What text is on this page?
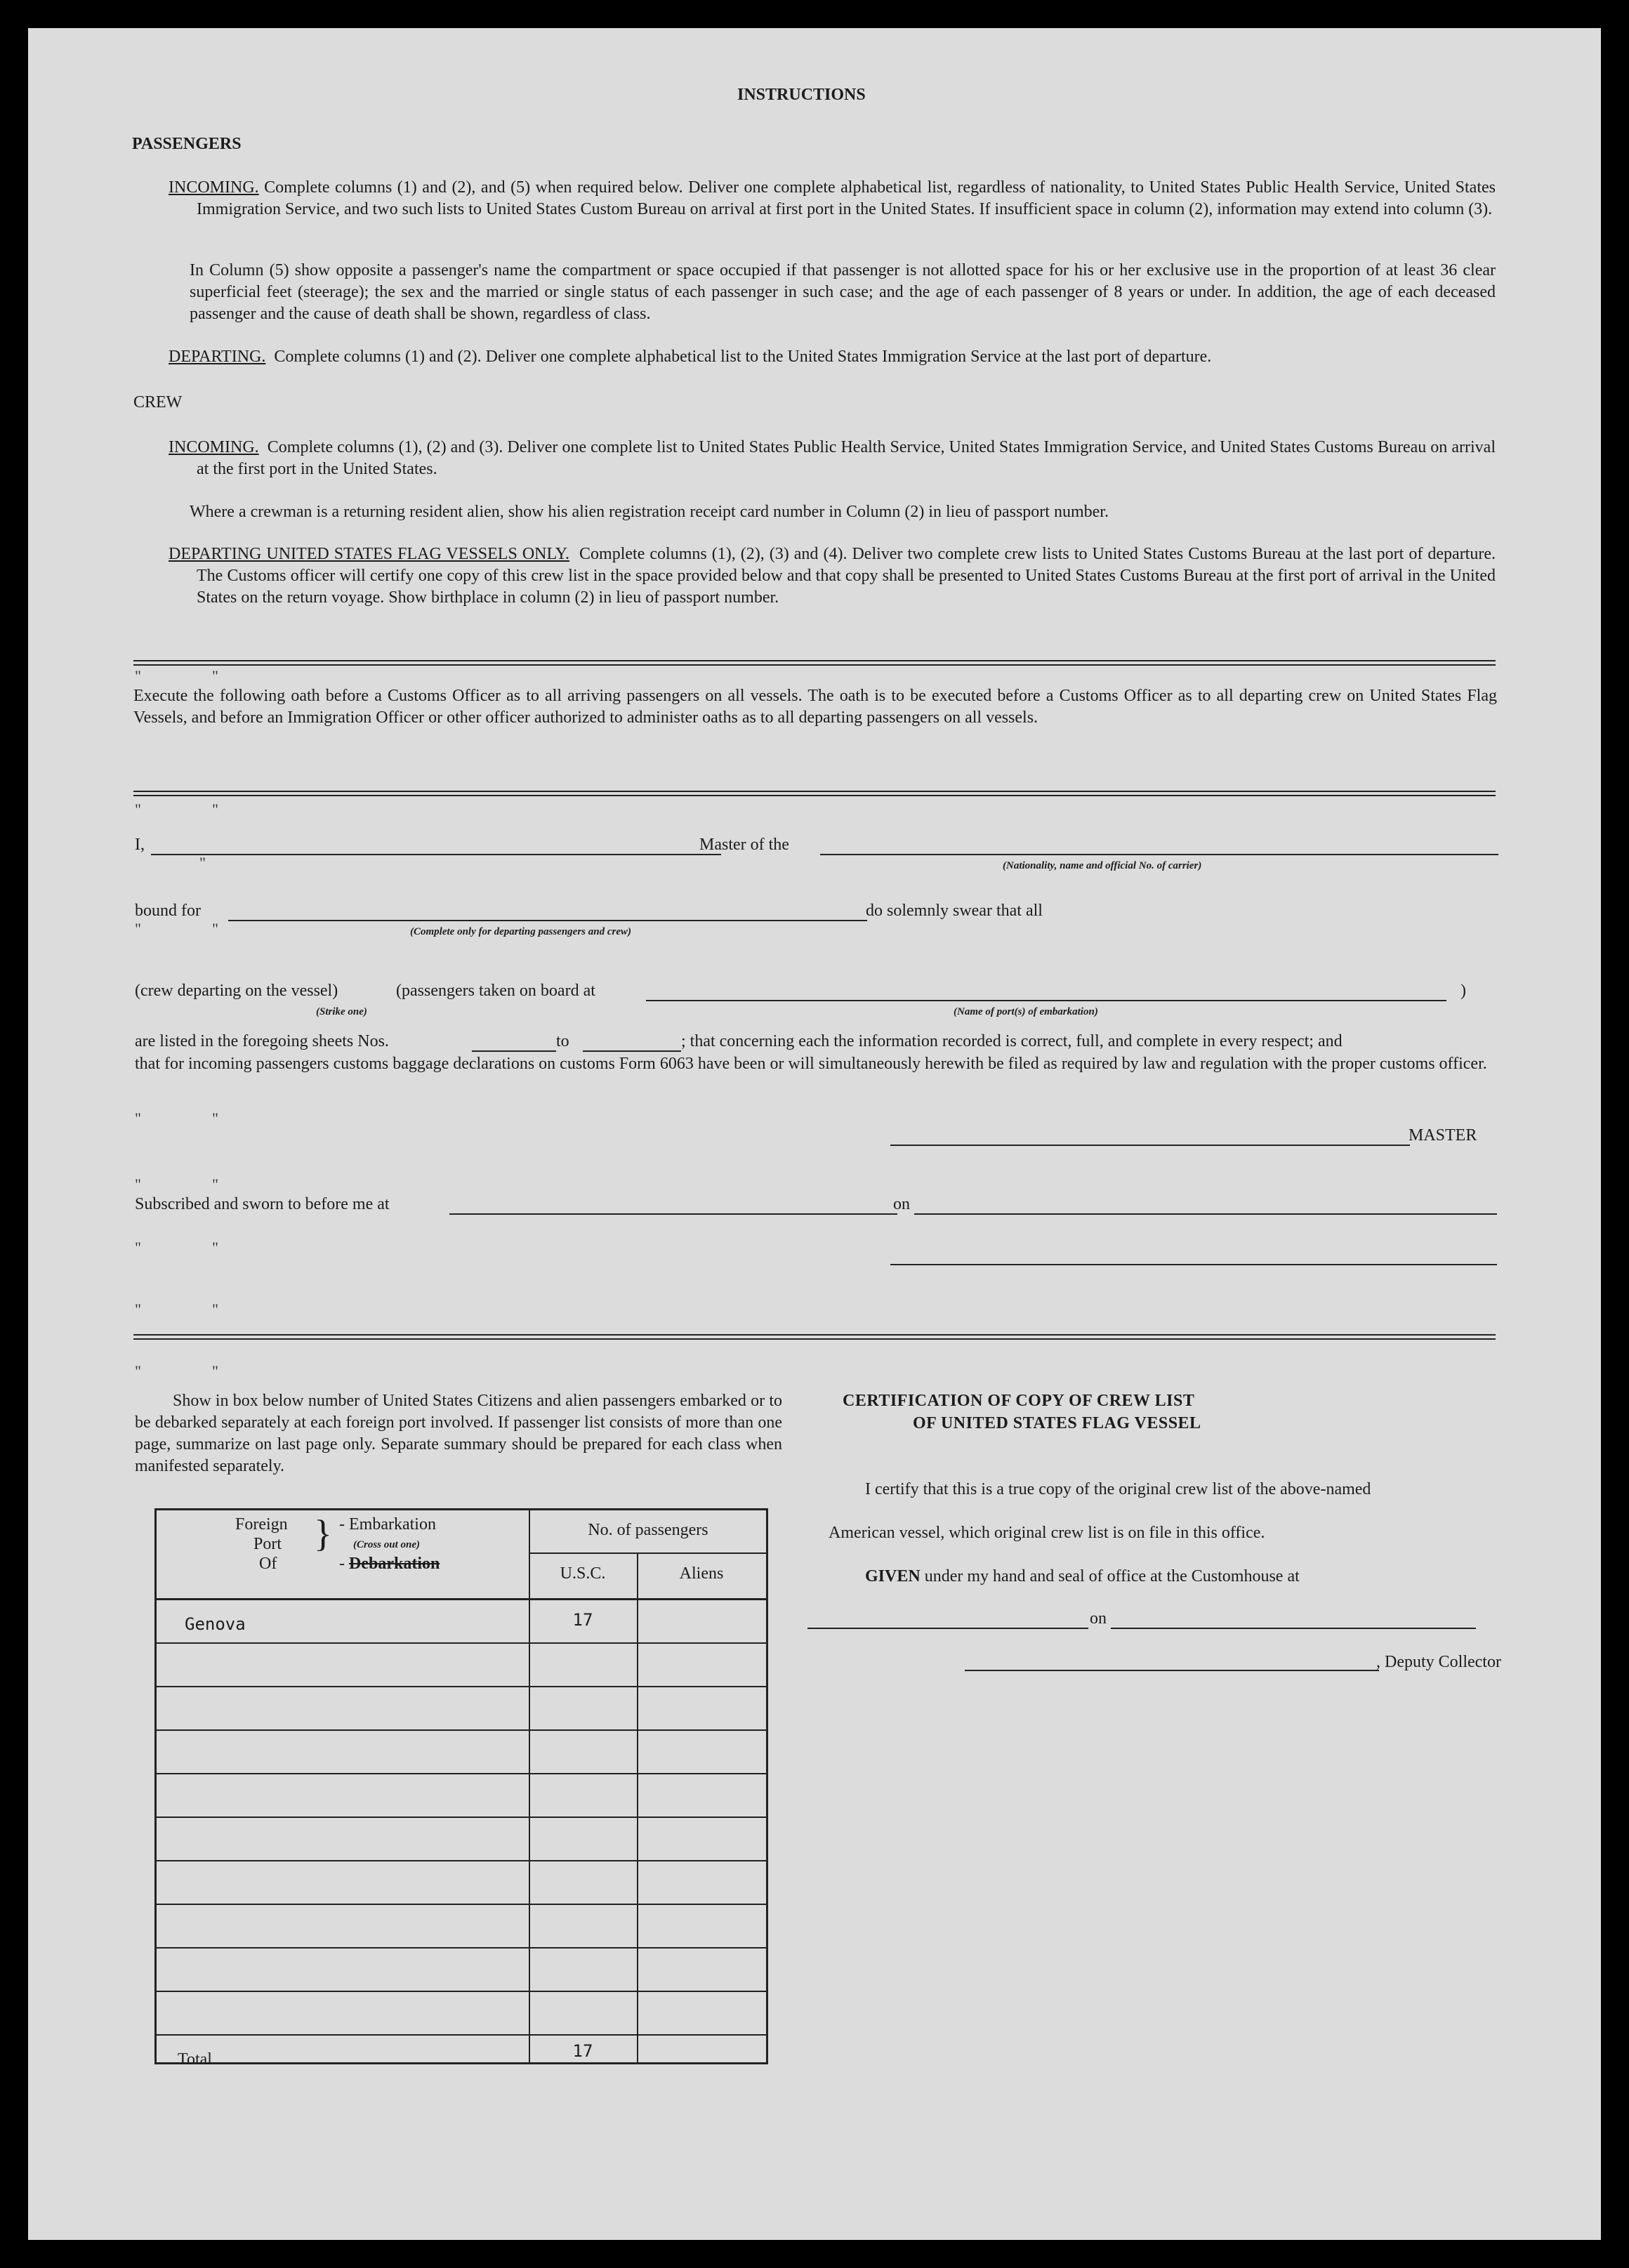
INSTRUCTIONS
PASSENGERS
INCOMING. Complete columns (1) and (2), and (5) when required below. Deliver one complete alphabetical list, regardless of nationality, to United States Public Health Service, United States Immigration Service, and two such lists to United States Custom Bureau on arrival at first port in the United States. If insufficient space in column (2), information may extend into column (3).
In Column (5) show opposite a passenger's name the compartment or space occupied if that passenger is not allotted space for his or her exclusive use in the proportion of at least 36 clear superficial feet (steerage); the sex and the married or single status of each passenger in such case; and the age of each passenger of 8 years or under. In addition, the age of each deceased passenger and the cause of death shall be shown, regardless of class.
DEPARTING. Complete columns (1) and (2). Deliver one complete alphabetical list to the United States Immigration Service at the last port of departure.
CREW
INCOMING. Complete columns (1), (2) and (3). Deliver one complete list to United States Public Health Service, United States Immigration Service, and United States Customs Bureau on arrival at the first port in the United States.
Where a crewman is a returning resident alien, show his alien registration receipt card number in Column (2) in lieu of passport number.
DEPARTING UNITED STATES FLAG VESSELS ONLY. Complete columns (1), (2), (3) and (4). Deliver two complete crew lists to United States Customs Bureau at the last port of departure. The Customs officer will certify one copy of this crew list in the space provided below and that copy shall be presented to United States Customs Bureau at the first port of arrival in the United States on the return voyage. Show birthplace in column (2) in lieu of passport number.
"	"
Execute the following oath before a Customs Officer as to all arriving passengers on all vessels. The oath is to be executed before a Customs Officer as to all departing crew on United States Flag Vessels, and before an Immigration Officer or other officer authorized to administer oaths as to all departing passengers on all vessels.
"	"
I,	Master of the
(Nationality, name and official No. of carrier)
"
bound for
(Complete only for departing passengers and crew)
do solemnly swear that all
"	"
(crew departing on the vessel)	(passengers taken on board at	)
(Strike one)	(Name of port(s) of embarkation)
are listed in the foregoing sheets Nos.	to	; that concerning each the information recorded is correct, full, and complete in every respect; and
that for incoming passengers customs baggage declarations on customs Form 6063 have been or will simultaneously herewith be filed as required by law and regulation with the proper customs officer.
"	"
MASTER
"	"
Subscribed and sworn to before me at	on
"	"
"	"
"	"
Show in box below number of United States Citizens and alien passengers embarked or to be debarked separately at each foreign port involved. If passenger list consists of more than one page, summarize on last page only. Separate summary should be prepared for each class when manifested separately.
Foreign
Port
Of
} - Embarkation
(Cross out one)
- Debarkation
No. of passengers
U.S.C.	Aliens
Genova	17
Total	17
CERTIFICATION OF COPY OF CREW LIST
OF UNITED STATES FLAG VESSEL
I certify that this is a true copy of the original crew list of the above-named
American vessel, which original crew list is on file in this office.
GIVEN under my hand and seal of office at the Customhouse at
on
, Deputy Collector
